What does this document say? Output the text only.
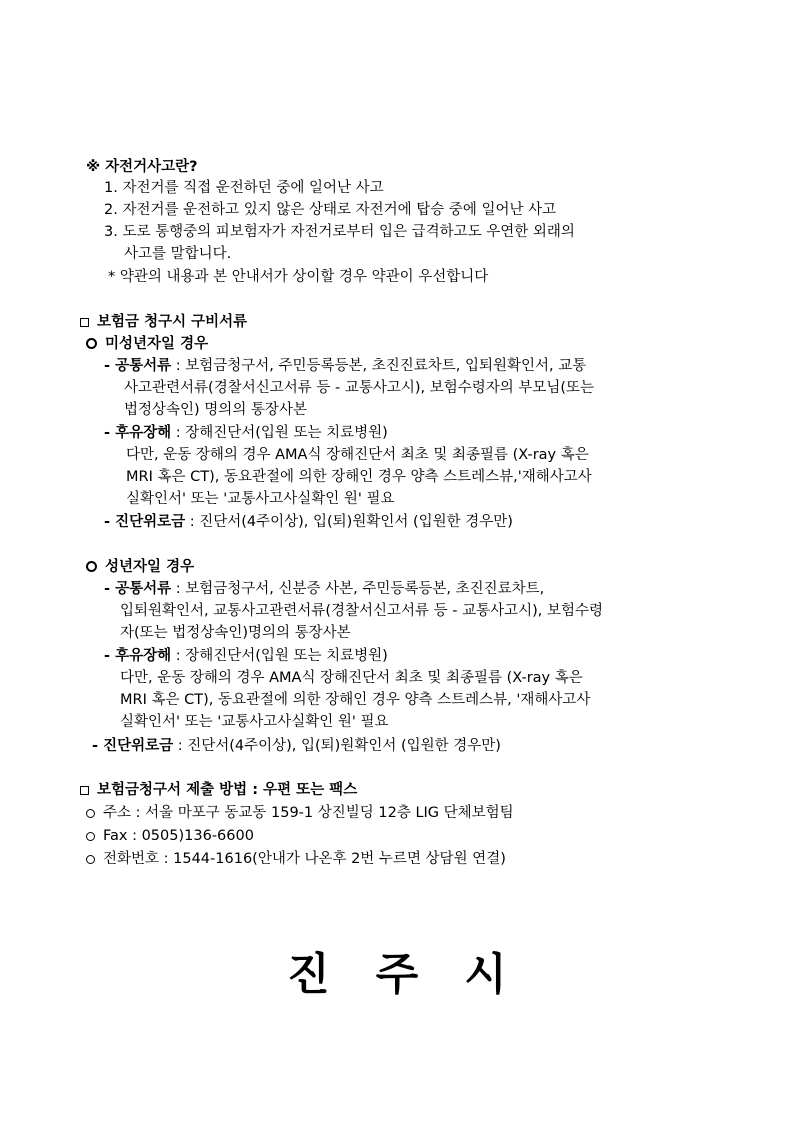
※ 자전거사고란?
1. 자전거를 직접 운전하던 중에 일어난 사고
2. 자전거를 운전하고 있지 않은 상태로 자전거에 탑승 중에 일어난 사고
3. 도로 통행중의 피보험자가 자전거로부터 입은 급격하고도 우연한 외래의
사고를 말합니다.
* 약관의 내용과 본 안내서가 상이할 경우 약관이 우선합니다
보험금 청구시 구비서류
미성년자일 경우
- 공통서류 : 보험금청구서, 주민등록등본, 초진진료차트, 입퇴원확인서, 교통
사고관련서류(경찰서신고서류 등 - 교통사고시), 보험수령자의 부모님(또는
법정상속인) 명의의 통장사본
- 후유장해 : 장해진단서(입원 또는 치료병원)
다만, 운동 장해의 경우 AMA식 장해진단서 최초 및 최종필름 (X-ray 혹은
MRI 혹은 CT), 동요관절에 의한 장해인 경우 양측 스트레스뷰,'재해사고사
실확인서' 또는 '교통사고사실확인 원' 필요
- 진단위로금 : 진단서(4주이상), 입(퇴)원확인서 (입원한 경우만)
성년자일 경우
- 공통서류 : 보험금청구서, 신분증 사본, 주민등록등본, 초진진료차트,
입퇴원확인서, 교통사고관련서류(경찰서신고서류 등 - 교통사고시), 보험수령
자(또는 법정상속인)명의의 통장사본
- 후유장해 : 장해진단서(입원 또는 치료병원)
다만, 운동 장해의 경우 AMA식 장해진단서 최초 및 최종필름 (X-ray 혹은
MRI 혹은 CT), 동요관절에 의한 장해인 경우 양측 스트레스뷰, '재해사고사
실확인서' 또는 '교통사고사실확인 원' 필요
- 진단위로금 : 진단서(4주이상), 입(퇴)원확인서 (입원한 경우만)
보험금청구서 제출 방법 : 우편 또는 팩스
주소 : 서울 마포구 동교동 159-1 상진빌딩 12층 LIG 단체보험팀
Fax : 0505)136-6600
전화번호 : 1544-1616(안내가 나온후 2번 누르면 상담원 연결)
진주시
